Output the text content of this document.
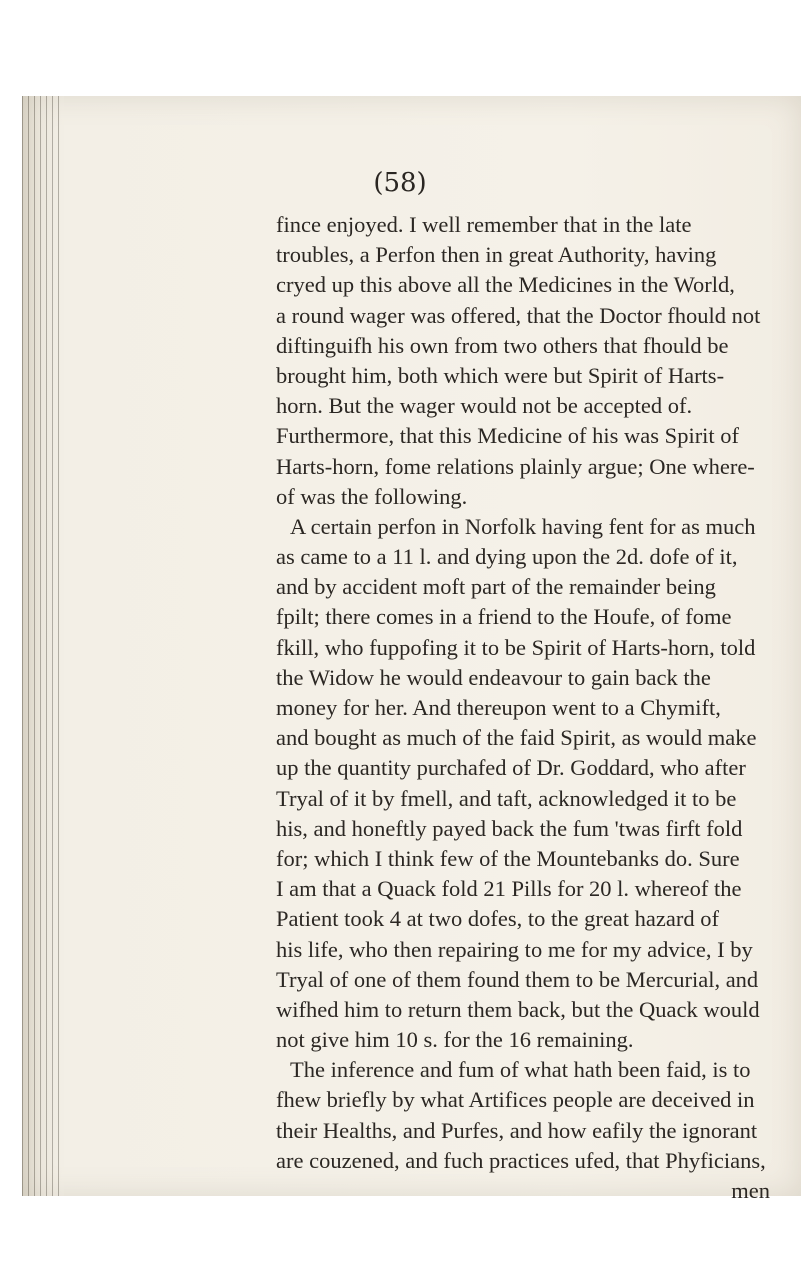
(58)
fince enjoyed. I well remember that in the late
troubles, a Perfon then in great Authority, having
cryed up this above all the Medicines in the World,
a round wager was offered, that the Doctor fhould not
diftinguifh his own from two others that fhould be
brought him, both which were but Spirit of Harts-
horn. But the wager would not be accepted of.
Furthermore, that this Medicine of his was Spirit of
Harts-horn, fome relations plainly argue; One where-
of was the following.
A certain perfon in Norfolk having fent for as much
as came to a 11 l. and dying upon the 2d. dofe of it,
and by accident moft part of the remainder being
fpilt; there comes in a friend to the Houfe, of fome
fkill, who fuppofing it to be Spirit of Harts-horn, told
the Widow he would endeavour to gain back the
money for her. And thereupon went to a Chymift,
and bought as much of the faid Spirit, as would make
up the quantity purchafed of Dr. Goddard, who after
Tryal of it by fmell, and taft, acknowledged it to be
his, and honeftly payed back the fum 'twas firft fold
for; which I think few of the Mountebanks do. Sure
I am that a Quack fold 21 Pills for 20 l. whereof the
Patient took 4 at two dofes, to the great hazard of
his life, who then repairing to me for my advice, I by
Tryal of one of them found them to be Mercurial, and
wifhed him to return them back, but the Quack would
not give him 10 s. for the 16 remaining.
The inference and fum of what hath been faid, is to
fhew briefly by what Artifices people are deceived in
their Healths, and Purfes, and how eafily the ignorant
are couzened, and fuch practices ufed, that Phyficians,
men
